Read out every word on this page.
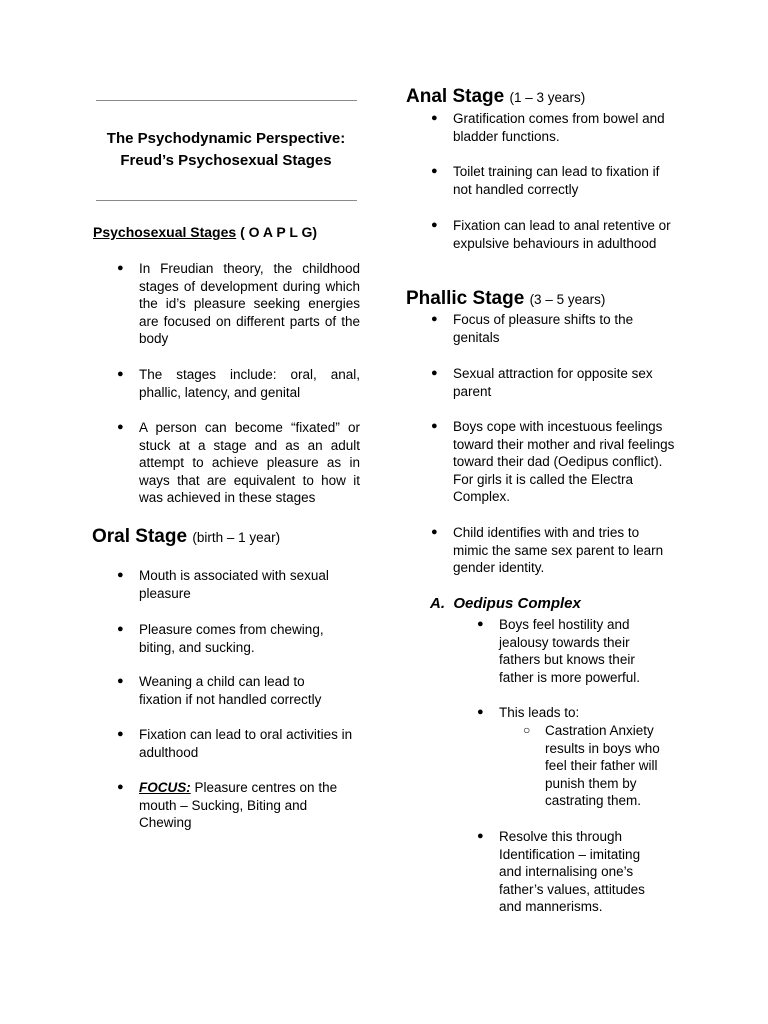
The Psychodynamic Perspective:
Freud’s Psychosexual Stages

Psychosexual Stages ( O A P L G)

● In Freudian theory, the childhood stages of development during which the id’s pleasure seeking energies are focused on different parts of the body
● The stages include: oral, anal, phallic, latency, and genital
● A person can become “fixated” or stuck at a stage and as an adult attempt to achieve pleasure as in ways that are equivalent to how it was achieved in these stages
Oral Stage (birth – 1 year)
● Mouth is associated with sexual pleasure
● Pleasure comes from chewing, biting, and sucking.
● Weaning a child can lead to fixation if not handled correctly
● Fixation can lead to oral activities in adulthood
● FOCUS: Pleasure centres on the mouth – Sucking, Biting and Chewing
Anal Stage (1 – 3 years)
● Gratification comes from bowel and bladder functions.
● Toilet training can lead to fixation if not handled correctly
● Fixation can lead to anal retentive or expulsive behaviours in adulthood
Phallic Stage (3 – 5 years)
● Focus of pleasure shifts to the genitals
● Sexual attraction for opposite sex parent
● Boys cope with incestuous feelings toward their mother and rival feelings toward their dad (Oedipus conflict). For girls it is called the Electra Complex.
● Child identifies with and tries to mimic the same sex parent to learn gender identity.
A. Oedipus Complex
● Boys feel hostility and jealousy towards their fathers but knows their father is more powerful.
● This leads to:
○ Castration Anxiety results in boys who feel their father will punish them by castrating them.
● Resolve this through Identification – imitating and internalising one’s father’s values, attitudes and mannerisms.
